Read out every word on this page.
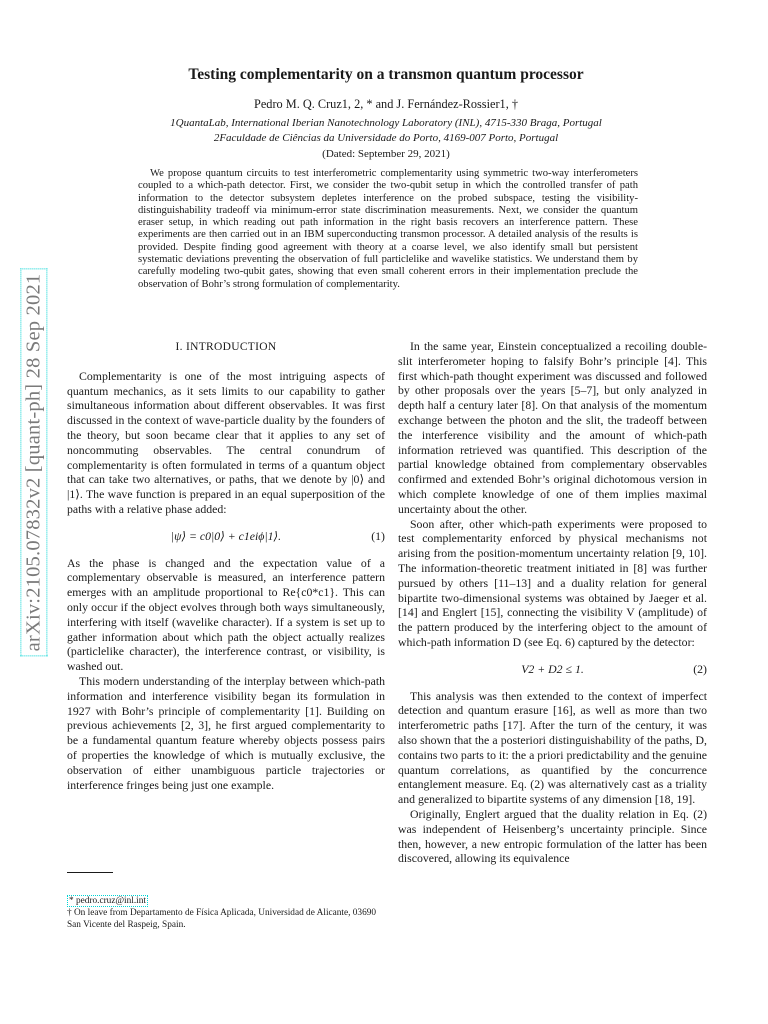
arXiv:2105.07832v2 [quant-ph] 28 Sep 2021
Testing complementarity on a transmon quantum processor
Pedro M. Q. Cruz1, 2, * and J. Fernández-Rossier1, †
1QuantaLab, International Iberian Nanotechnology Laboratory (INL), 4715-330 Braga, Portugal
2Faculdade de Ciências da Universidade do Porto, 4169-007 Porto, Portugal
(Dated: September 29, 2021)

We propose quantum circuits to test interferometric complementarity using symmetric two-way interferometers coupled to a which-path detector. First, we consider the two-qubit setup in which the controlled transfer of path information to the detector subsystem depletes interference on the probed subspace, testing the visibility-distinguishability tradeoff via minimum-error state discrimination measurements. Next, we consider the quantum eraser setup, in which reading out path information in the right basis recovers an interference pattern. These experiments are then carried out in an IBM superconducting transmon processor. A detailed analysis of the results is provided. Despite finding good agreement with theory at a coarse level, we also identify small but persistent systematic deviations preventing the observation of full particlelike and wavelike statistics. We understand them by carefully modeling two-qubit gates, showing that even small coherent errors in their implementation preclude the observation of Bohr’s strong formulation of complementarity.

I. INTRODUCTION

Complementarity is one of the most intriguing aspects of quantum mechanics, as it sets limits to our capability to gather simultaneous information about different observables. It was first discussed in the context of wave-particle duality by the founders of the theory, but soon became clear that it applies to any set of noncommuting observables. The central conundrum of complementarity is often formulated in terms of a quantum object that can take two alternatives, or paths, that we denote by |0⟩ and |1⟩. The wave function is prepared in an equal superposition of the paths with a relative phase added:

|ψ⟩ = c0|0⟩ + c1eiϕ|1⟩.	(1)

As the phase is changed and the expectation value of a complementary observable is measured, an interference pattern emerges with an amplitude proportional to Re{c0*c1}. This can only occur if the object evolves through both ways simultaneously, interfering with itself (wavelike character). If a system is set up to gather information about which path the object actually realizes (particlelike character), the interference contrast, or visibility, is washed out.

This modern understanding of the interplay between which-path information and interference visibility began its formulation in 1927 with Bohr’s principle of complementarity [1]. Building on previous achievements [2, 3], he first argued complementarity to be a fundamental quantum feature whereby objects possess pairs of properties the knowledge of which is mutually exclusive, the observation of either unambiguous particle trajectories or interference fringes being just one example.

In the same year, Einstein conceptualized a recoiling double-slit interferometer hoping to falsify Bohr’s principle [4]. This first which-path thought experiment was discussed and followed by other proposals over the years [5–7], but only analyzed in depth half a century later [8]. On that analysis of the momentum exchange between the photon and the slit, the tradeoff between the interference visibility and the amount of which-path information retrieved was quantified. This description of the partial knowledge obtained from complementary observables confirmed and extended Bohr’s original dichotomous version in which complete knowledge of one of them implies maximal uncertainty about the other.

Soon after, other which-path experiments were proposed to test complementarity enforced by physical mechanisms not arising from the position-momentum uncertainty relation [9, 10]. The information-theoretic treatment initiated in [8] was further pursued by others [11–13] and a duality relation for general bipartite two-dimensional systems was obtained by Jaeger et al. [14] and Englert [15], connecting the visibility V (amplitude) of the pattern produced by the interfering object to the amount of which-path information D (see Eq. 6) captured by the detector:

V2 + D2 ≤ 1.	(2)

This analysis was then extended to the context of imperfect detection and quantum erasure [16], as well as more than two interferometric paths [17]. After the turn of the century, it was also shown that the a posteriori distinguishability of the paths, D, contains two parts to it: the a priori predictability and the genuine quantum correlations, as quantified by the concurrence entanglement measure. Eq. (2) was alternatively cast as a triality and generalized to bipartite systems of any dimension [18, 19].

Originally, Englert argued that the duality relation in Eq. (2) was independent of Heisenberg’s uncertainty principle. Since then, however, a new entropic formulation of the latter has been discovered, allowing its equivalence

* pedro.cruz@inl.int

† On leave from Departamento de Física Aplicada, Universidad de Alicante, 03690 San Vicente del Raspeig, Spain.
